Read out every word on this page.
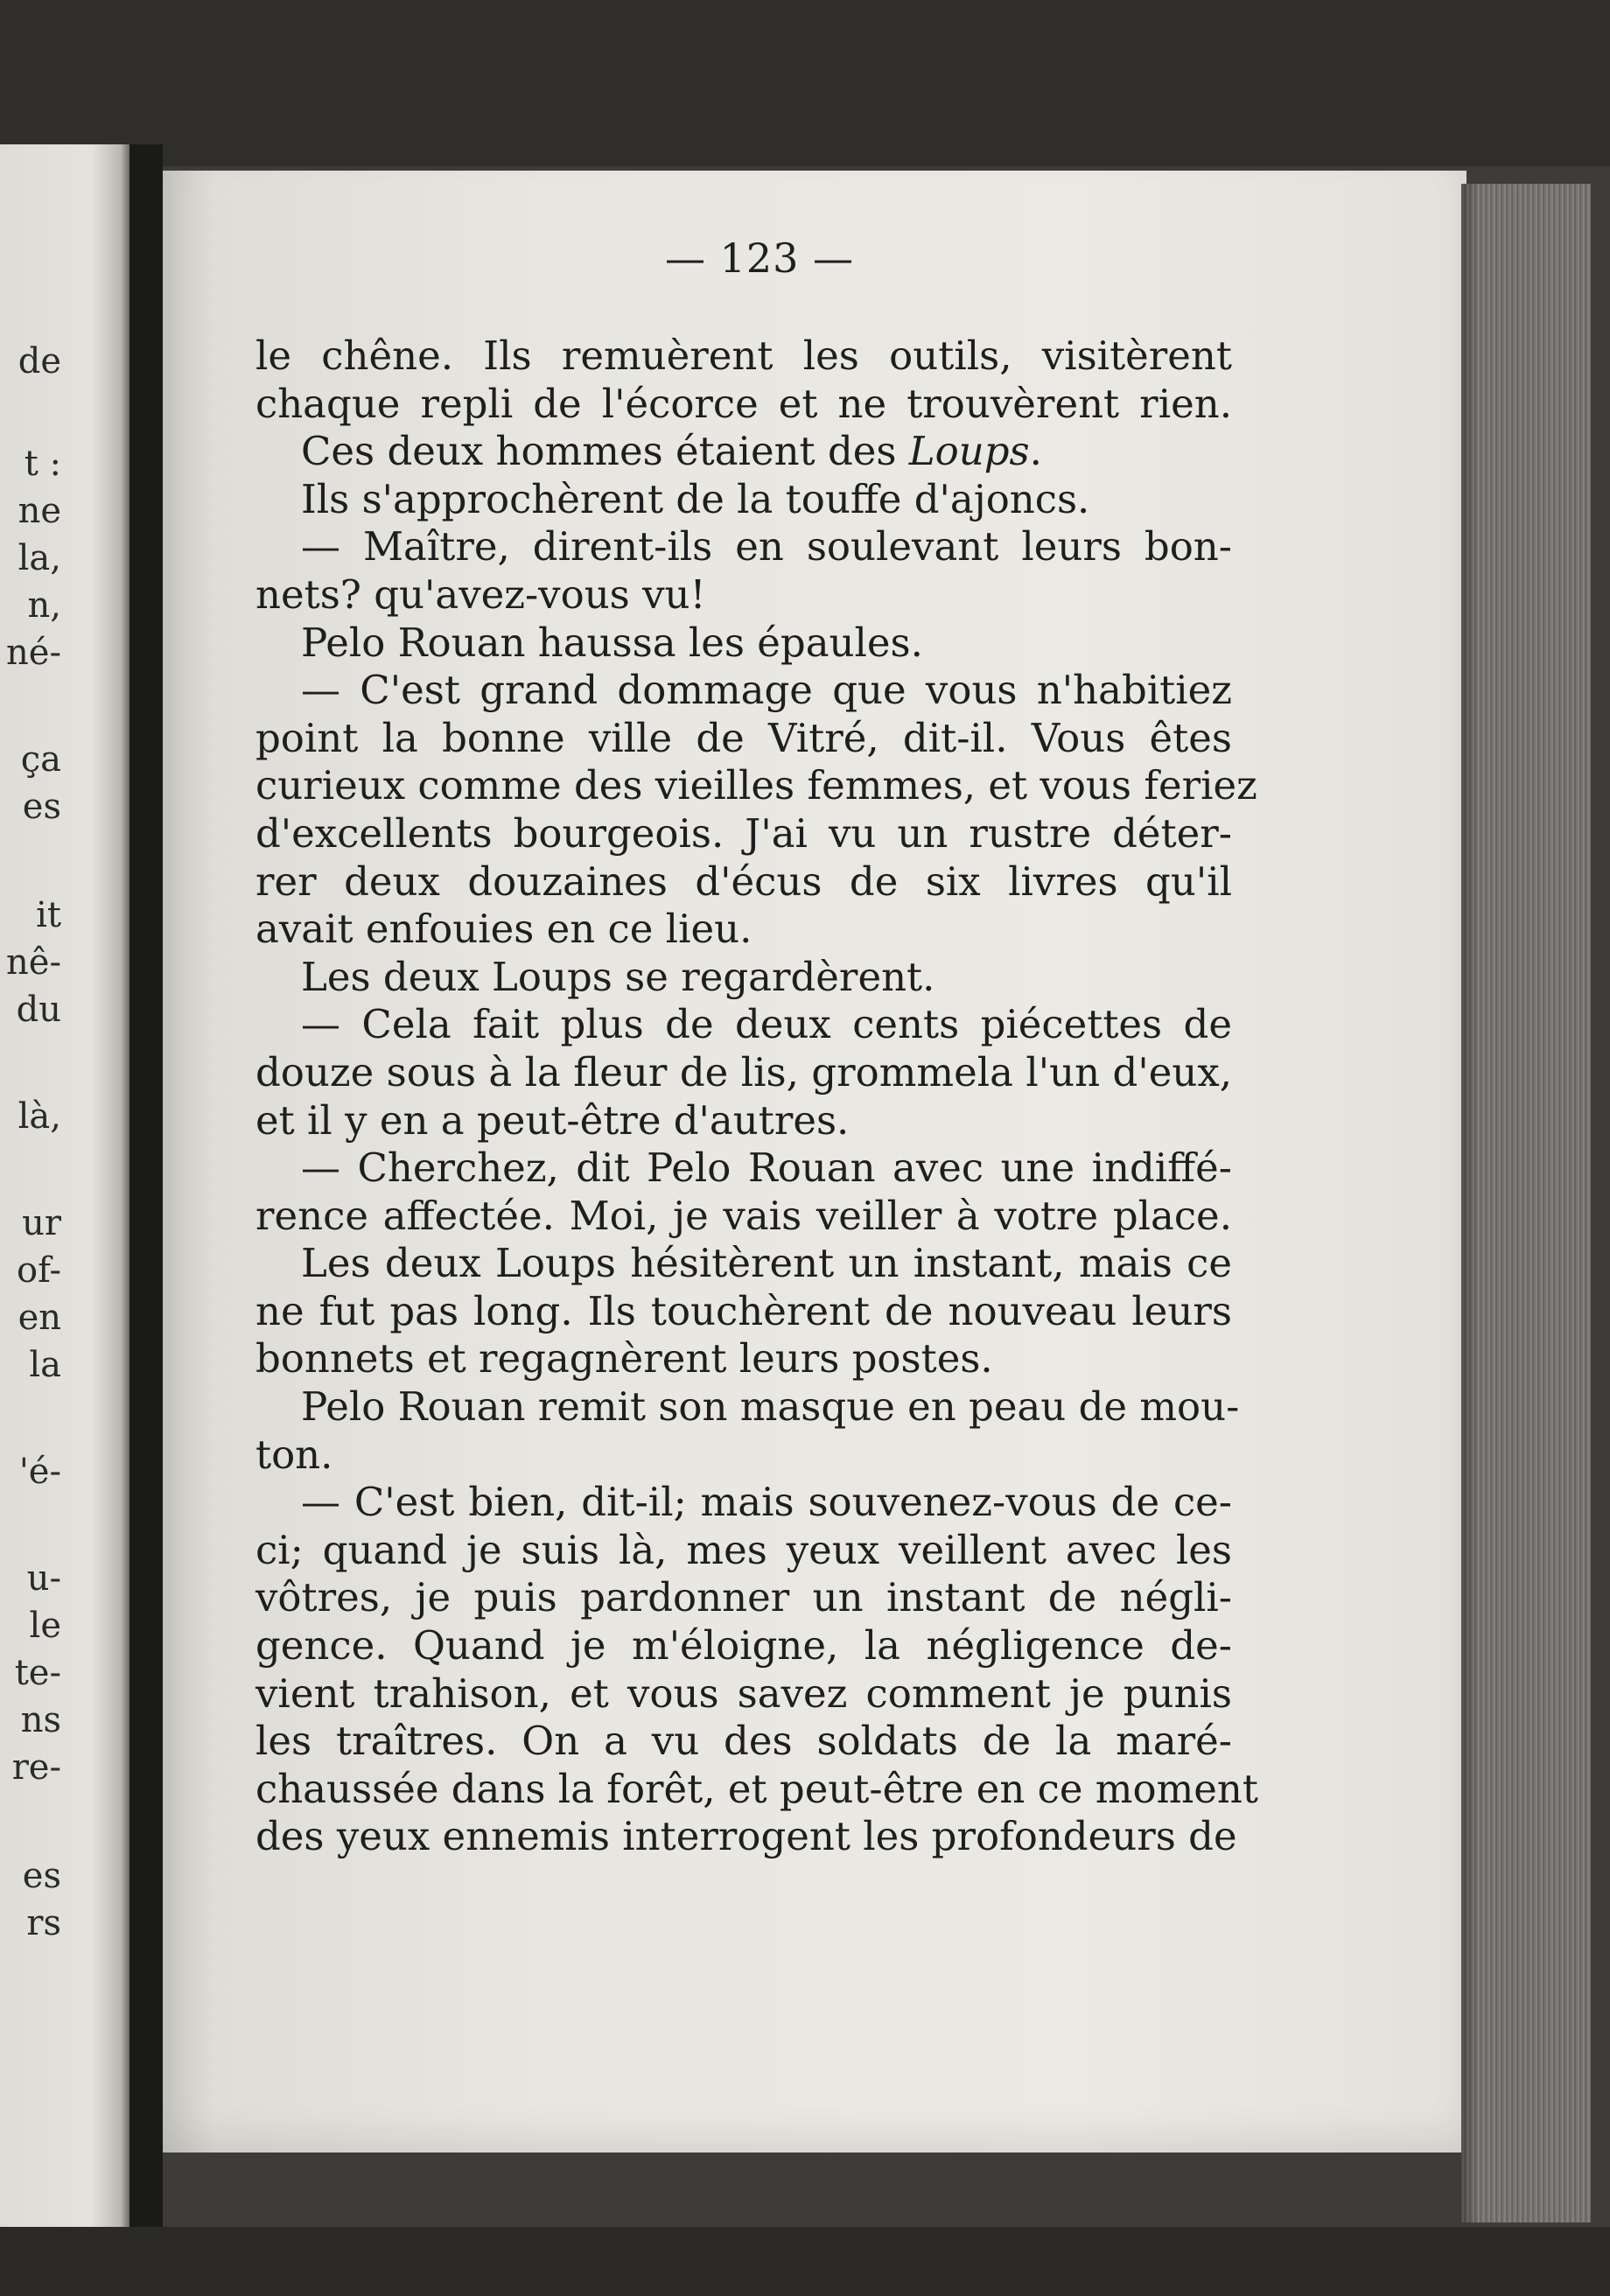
de
t :
ne
la,
n,
né-
ça
es
it
nê-
du
là,
ur
of-
en
la
'é-
u-
le
te-
ns
re-
es
rs
— 123 —
le chêne. Ils remuèrent les outils, visitèrent
chaque repli de l'écorce et ne trouvèrent rien.
Ces deux hommes étaient des Loups.
Ils s'approchèrent de la touffe d'ajoncs.
— Maître, dirent-ils en soulevant leurs bon-
nets? qu'avez-vous vu!
Pelo Rouan haussa les épaules.
— C'est grand dommage que vous n'habitiez
point la bonne ville de Vitré, dit-il. Vous êtes
curieux comme des vieilles femmes, et vous feriez
d'excellents bourgeois. J'ai vu un rustre déter-
rer deux douzaines d'écus de six livres qu'il
avait enfouies en ce lieu.
Les deux Loups se regardèrent.
— Cela fait plus de deux cents piécettes de
douze sous à la fleur de lis, grommela l'un d'eux,
et il y en a peut-être d'autres.
— Cherchez, dit Pelo Rouan avec une indiffé-
rence affectée. Moi, je vais veiller à votre place.
Les deux Loups hésitèrent un instant, mais ce
ne fut pas long. Ils touchèrent de nouveau leurs
bonnets et regagnèrent leurs postes.
Pelo Rouan remit son masque en peau de mou-
ton.
— C'est bien, dit-il; mais souvenez-vous de ce-
ci; quand je suis là, mes yeux veillent avec les
vôtres, je puis pardonner un instant de négli-
gence. Quand je m'éloigne, la négligence de-
vient trahison, et vous savez comment je punis
les traîtres. On a vu des soldats de la maré-
chaussée dans la forêt, et peut-être en ce moment
des yeux ennemis interrogent les profondeurs de
